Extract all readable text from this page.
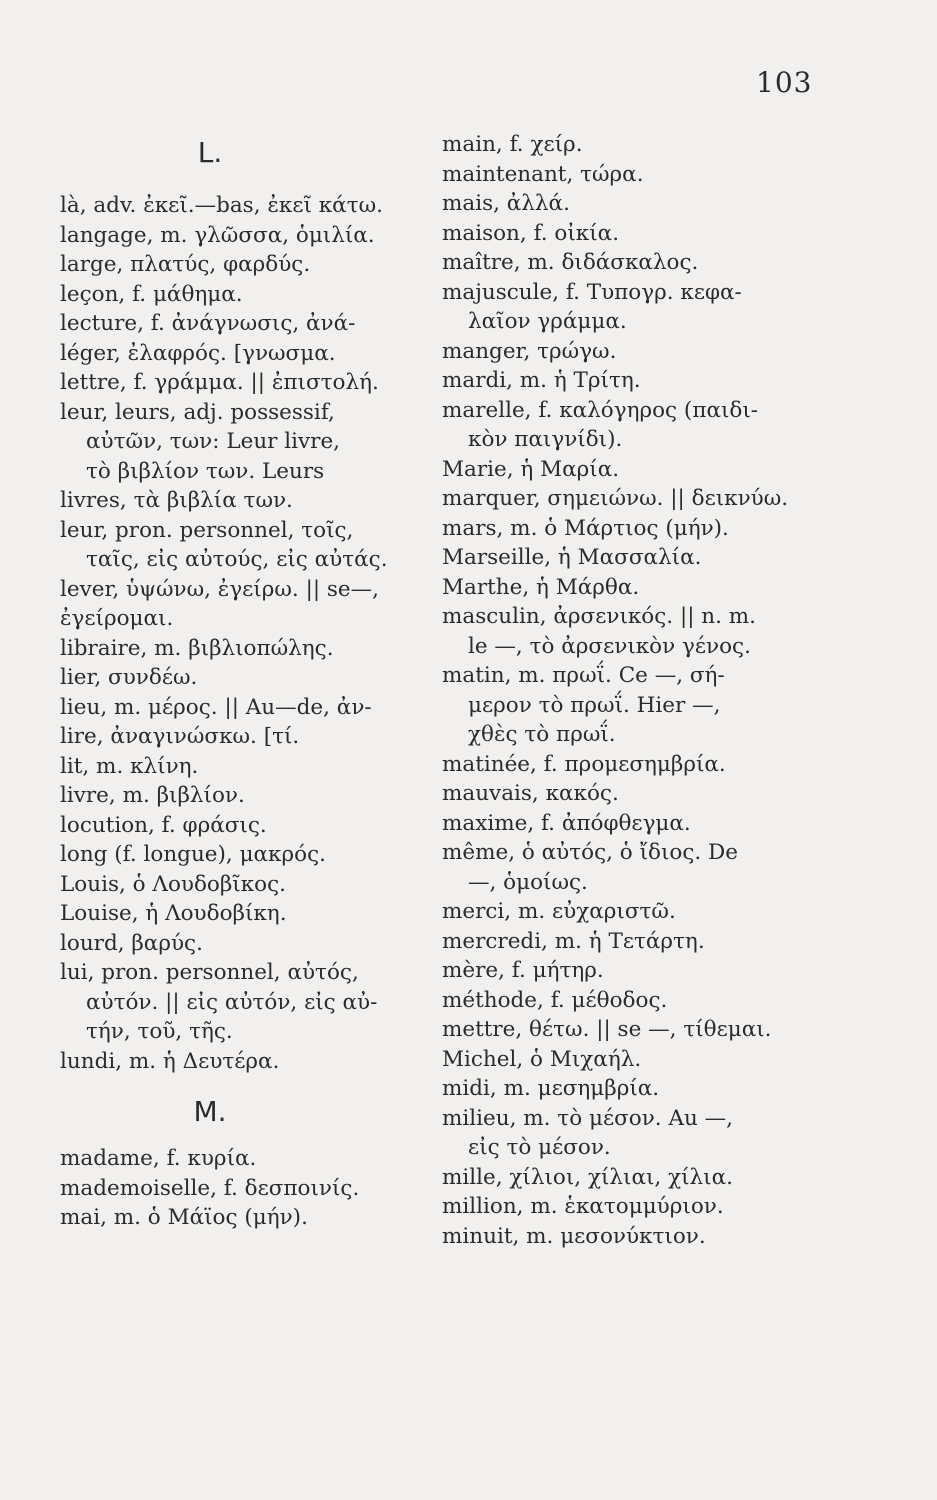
103
L.
là, adv. ἐκεῖ.—bas, ἐκεῖ κάτω.
langage, m. γλῶσσα, ὁμιλία.
large, πλατύς, φαρδύς.
leçon, f. μάθημα.
lecture, f. ἀνάγνωσις, ἀνά-
léger, ἐλαφρός. [γνωσμα.
lettre, f. γράμμα. || ἐπιστολή.
leur, leurs, adj. possessif,
αὐτῶν, των: Leur livre,
τὸ βιβλίον των. Leurs
livres, τὰ βιβλία των.
leur, pron. personnel, τοῖς,
ταῖς, εἰς αὐτούς, εἰς αὐτάς.
lever, ὑψώνω, ἐγείρω. || se—,
ἐγείρομαι.
libraire, m. βιβλιοπώλης.
lier, συνδέω.
lieu, m. μέρος. || Au—de, ἀν-
lire, ἀναγινώσκω. [τί.
lit, m. κλίνη.
livre, m. βιβλίον.
locution, f. φράσις.
long (f. longue), μακρός.
Louis, ὁ Λουδοβῖκος.
Louise, ἡ Λουδοβίκη.
lourd, βαρύς.
lui, pron. personnel, αὐτός,
αὐτόν. || εἰς αὐτόν, εἰς αὐ-
τήν, τοῦ, τῆς.
lundi, m. ἡ Δευτέρα.
M.
madame, f. κυρία.
mademoiselle, f. δεσποινίς.
mai, m. ὁ Μάϊος (μήν).
main, f. χείρ.
maintenant, τώρα.
mais, ἀλλά.
maison, f. οἰκία.
maître, m. διδάσκαλος.
majuscule, f. Τυπογρ. κεφα-
λαῖον γράμμα.
manger, τρώγω.
mardi, m. ἡ Τρίτη.
marelle, f. καλόγηρος (παιδι-
κὸν παιγνίδι).
Marie, ἡ Μαρία.
marquer, σημειώνω. || δεικνύω.
mars, m. ὁ Μάρτιος (μήν).
Marseille, ἡ Μασσαλία.
Marthe, ἡ Μάρθα.
masculin, ἀρσενικός. || n. m.
le —, τὸ ἀρσενικὸν γένος.
matin, m. πρωΐ. Ce —, σή-
μερον τὸ πρωΐ. Hier —,
χθὲς τὸ πρωΐ.
matinée, f. προμεσημβρία.
mauvais, κακός.
maxime, f. ἀπόφθεγμα.
même, ὁ αὐτός, ὁ ἴδιος. De
—, ὁμοίως.
merci, m. εὐχαριστῶ.
mercredi, m. ἡ Τετάρτη.
mère, f. μήτηρ.
méthode, f. μέθοδος.
mettre, θέτω. || se —, τίθεμαι.
Michel, ὁ Μιχαήλ.
midi, m. μεσημβρία.
milieu, m. τὸ μέσον. Au —,
εἰς τὸ μέσον.
mille, χίλιοι, χίλιαι, χίλια.
million, m. ἑκατομμύριον.
minuit, m. μεσονύκτιον.
